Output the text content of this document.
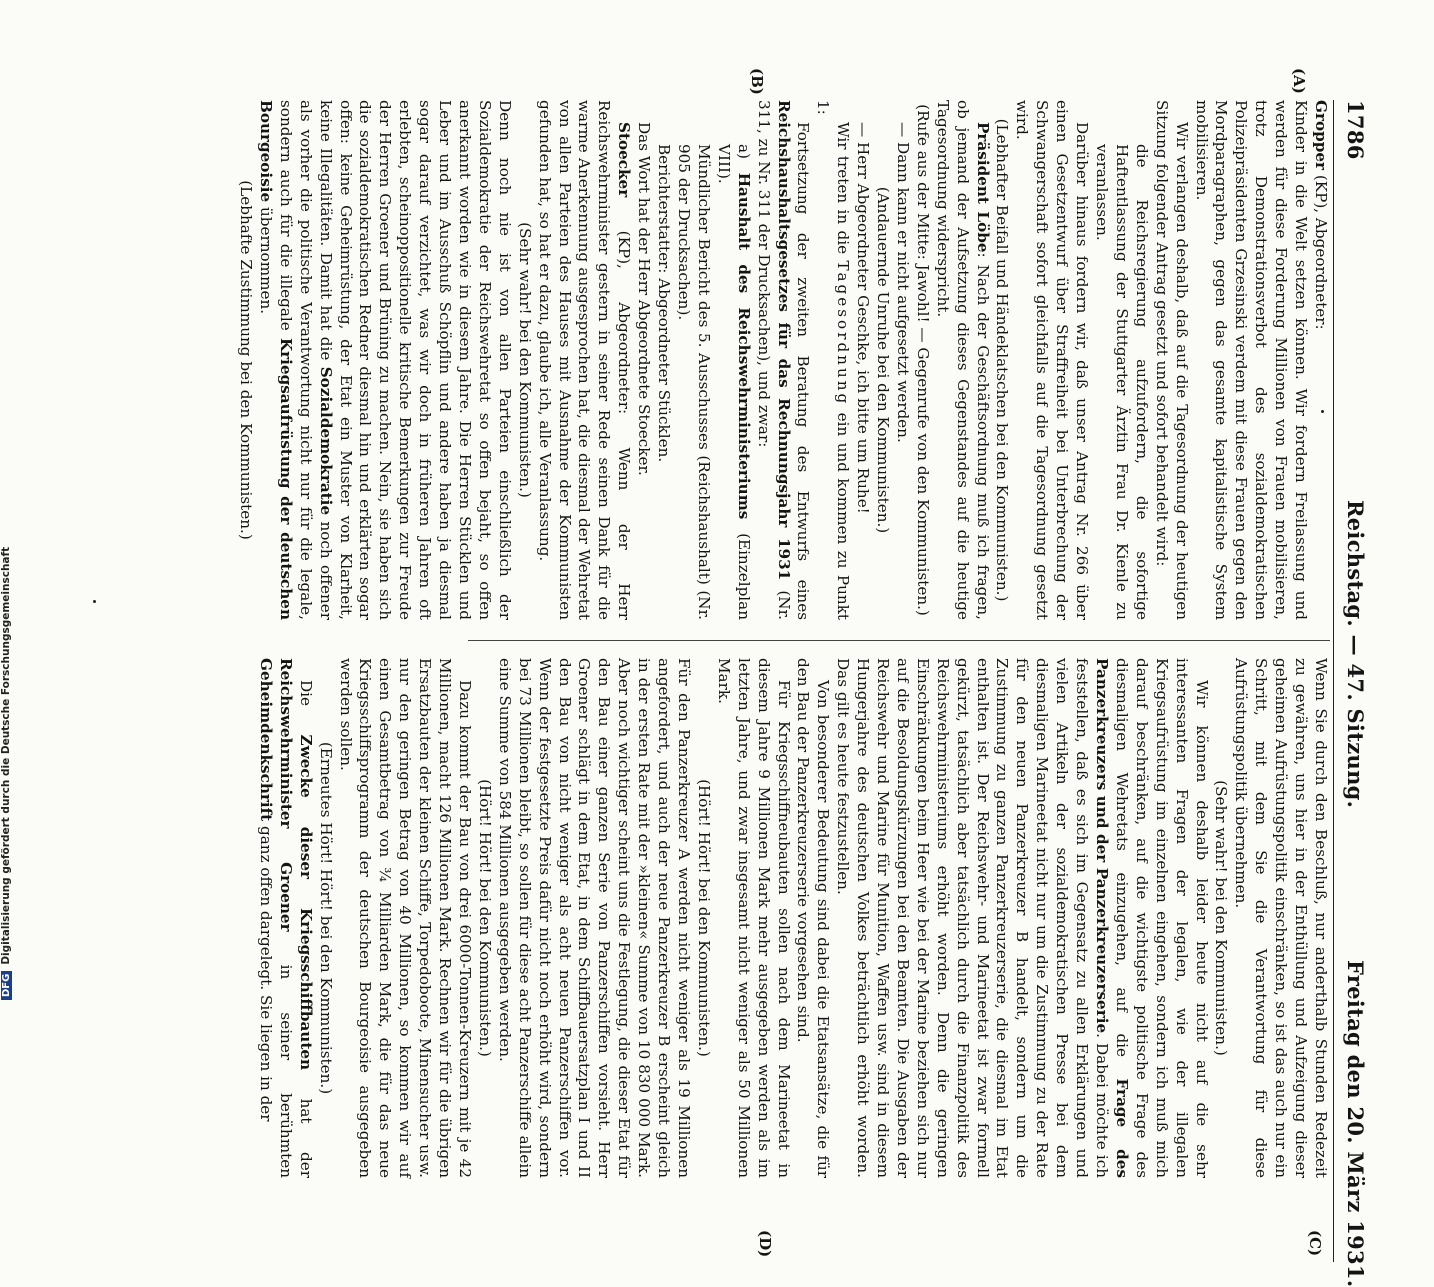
1786
Reichstag. — 47. Sitzung.
Freitag den 20. März 1931.
(A)
(B)
(C)
(D)

Gropper (KP), Abgeordneter:

Kinder in die Welt setzen können. Wir fordern Freilassung und werden für diese Forderung Millionen von Frauen mobilisieren, trotz Demonstrationsverbot des sozialdemokratischen Polizeipräsidenten Grzesinski verdem mit diese Frauen gegen den Mordparagraphen, gegen das gesamte kapitalistische System mobilisieren.

Wir verlangen deshalb, daß auf die Tagesordnung der heutigen Sitzung folgender Antrag gesetzt und sofort behandelt wird:

die Reichsregierung aufzufordern, die sofortige Haftentlassung der Stuttgarter Ärztin Frau Dr. Kienle zu veranlassen.

Darüber hinaus fordern wir, daß unser Antrag Nr. 266 über einen Gesetzentwurf über Straffreiheit bei Unterbrechung der Schwangerschaft sofort gleichfalls auf die Tagesordnung gesetzt wird.

(Lebhafter Beifall und Händeklatschen bei den Kommunisten.)

Präsident Löbe: Nach der Geschäftsordnung muß ich fragen, ob jemand der Aufsetzung dieses Gegenstandes auf die heutige Tagesordnung widerspricht.

(Rufe aus der Mitte: Jawohl! — Gegenrufe von den Kommunisten.)

— Dann kann er nicht aufgesetzt werden.

(Andauernde Unruhe bei den Kommunisten.)

— Herr Abgeordneter Geschke, ich bitte um Ruhe!

Wir treten in die Tagesordnung ein und kommen zu Punkt 1:

Fortsetzung der zweiten Beratung des Entwurfs eines Reichshaushaltsgesetzes für das Rechnungsjahr 1931 (Nr. 311, zu Nr. 311 der Drucksachen), und zwar:

a) Haushalt des Reichswehrministeriums (Einzelplan VIII).

Mündlicher Bericht des 5. Ausschusses (Reichshaushalt) (Nr. 905 der Drucksachen).

Berichterstatter: Abgeordneter Stücklen.

Das Wort hat der Herr Abgeordnete Stoecker.

Stoecker (KP), Abgeordneter: Wenn der Herr Reichswehrminister gestern in seiner Rede seinen Dank für die warme Anerkennung ausgesprochen hat, die diesmal der Wehretat von allen Parteien des Hauses mit Ausnahme der Kommunisten gefunden hat, so hat er dazu, glaube ich, alle Veranlassung.

(Sehr wahr! bei den Kommunisten.)

Denn noch nie ist von allen Parteien einschließlich der Sozialdemokratie der Reichswehretat so offen bejaht, so offen anerkannt worden wie in diesem Jahre. Die Herren Stücklen und Leber und im Ausschuß Schöpflin und andere haben ja diesmal sogar darauf verzichtet, was wir doch in früheren Jahren oft erlebten, scheinoppositionelle kritische Bemerkungen zur Freude der Herren Groener und Brüning zu machen. Nein, sie haben sich die sozialdemokratischen Redner diesmal hin und erklärten sogar offen: keine Geheimrüstung, der Etat ein Muster von Klarheit, keine Illegalitäten. Damit hat die Sozialdemokratie noch offener als vorher die politische Verantwortung nicht nur für die legale, sondern auch für die illegale Kriegsaufrüstung der deutschen Bourgeoisie übernommen.

(Lebhafte Zustimmung bei den Kommunisten.)

Wenn Sie durch den Beschluß, nur anderthalb Stunden Redezeit zu gewähren, uns hier in der Enthüllung und Aufzeigung dieser geheimen Aufrüstungspolitik einschränken, so ist das auch nur ein Schritt, mit dem Sie die Verantwortung für diese Aufrüstungspolitik übernehmen.

(Sehr wahr! bei den Kommunisten.)

Wir können deshalb leider heute nicht auf die sehr interessanten Fragen der legalen, wie der illegalen Kriegsaufrüstung im einzelnen eingehen, sondern ich muß mich darauf beschränken, auf die wichtigste politische Frage des diesmaligen Wehretats einzugehen, auf die Frage des Panzerkreuzers und der Panzerkreuzerserie. Dabei möchte ich feststellen, daß es sich im Gegensatz zu allen Erklärungen und vielen Artikeln der sozialdemokratischen Presse bei dem diesmaligen Marineetat nicht nur um die Zustimmung zu der Rate für den neuen Panzerkreuzer B handelt, sondern um die Zustimmung zu ganzen Panzerkreuzerserie, die diesmal im Etat enthalten ist. Der Reichswehr- und Marineetat ist zwar formell gekürzt, tatsächlich aber tatsächlich durch die Finanzpolitik des Reichswehrministeriums erhöht worden. Denn die geringen Einschränkungen beim Heer wie bei der Marine beziehen sich nur auf die Besoldungskürzungen bei den Beamten. Die Ausgaben der Reichswehr und Marine für Munition, Waffen usw. sind in diesem Hungerjahre des deutschen Volkes beträchtlich erhöht worden. Das gilt es heute festzustellen.

Von besonderer Bedeutung sind dabei die Etatsansätze, die für den Bau der Panzerkreuzerserie vorgesehen sind.

Für Kriegsschiffneubauten sollen nach dem Marineetat in diesem Jahre 9 Millionen Mark mehr ausgegeben werden als im letzten Jahre, und zwar insgesamt nicht weniger als 50 Millionen Mark.

(Hört! Hört! bei den Kommunisten.)

Für den Panzerkreuzer A werden nicht weniger als 19 Millionen angefordert, und auch der neue Panzerkreuzer B erscheint gleich in der ersten Rate mit der »kleinen« Summe von 10 830 000 Mark. Aber noch wichtiger scheint uns die Festlegung, die dieser Etat für den Bau einer ganzen Serie von Panzerschiffen vorsieht. Herr Groener schlägt in dem Etat, in dem Schiffbauersatzplan I und II den Bau von nicht weniger als acht neuen Panzerschiffen vor. Wenn der festgesetzte Preis dafür nicht noch erhöht wird, sondern bei 73 Millionen bleibt, so sollen für diese acht Panzerschiffe allein eine Summe von 584 Millionen ausgegeben werden.

(Hört! Hört! bei den Kommunisten.)

Dazu kommt der Bau von drei 6000-Tonnen-Kreuzern mit je 42 Millionen, macht 126 Millionen Mark. Rechnen wir für die übrigen Ersatzbauten der kleinen Schiffe, Torpedoboote, Minensucher usw. nur den geringen Betrag von 40 Millionen, so kommen wir auf einen Gesamtbetrag von ¾ Milliarden Mark, die für das neue Kriegsschiffsprogramm der deutschen Bourgeoisie ausgegeben werden sollen.

(Erneutes Hört! Hört! bei den Kommunisten.)

Die Zwecke dieser Kriegsschiffbauten hat der Reichswehrminister Groener in seiner berühmten Geheimdenkschrift ganz offen dargelegt. Sie liegen in der

DFGDigitalisierung gefördert durch die Deutsche Forschungsgemeinschaft
